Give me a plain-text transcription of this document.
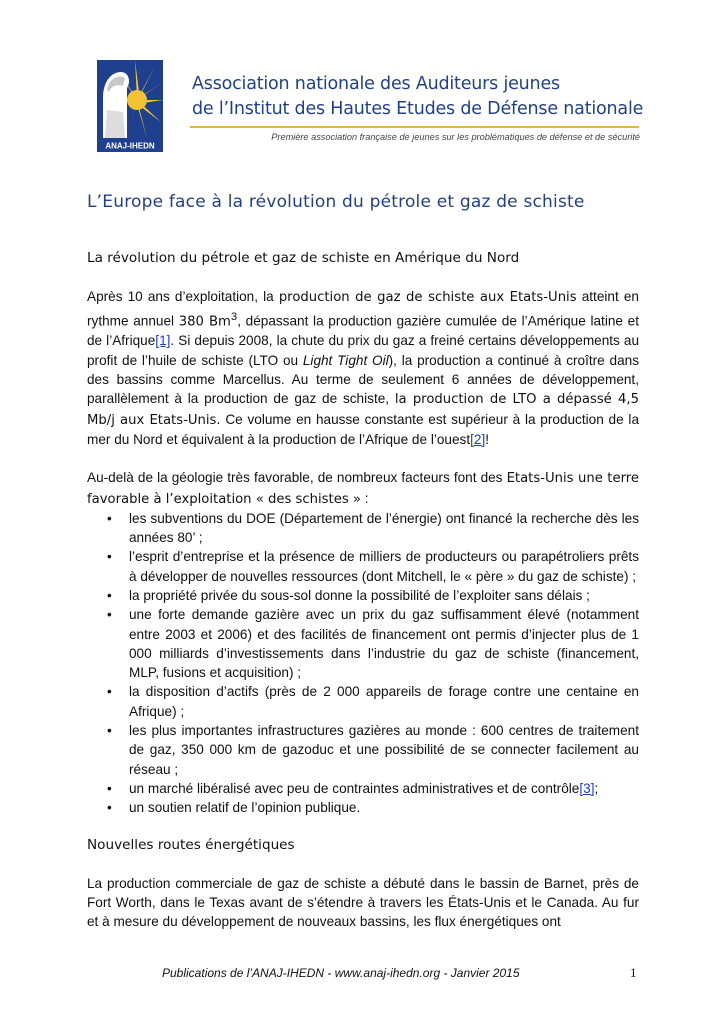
ANAJ-IHEDN
Association nationale des Auditeurs jeunes
de l’Institut des Hautes Etudes de Défense nationale
Première association française de jeunes sur les problématiques de défense et de sécurité
L’Europe face à la révolution du pétrole et gaz de schiste
La révolution du pétrole et gaz de schiste en Amérique du Nord

Après 10 ans d’exploitation, la production de gaz de schiste aux Etats-Unis atteint en rythme annuel 380 Bm$^3$, dépassant la production gazière cumulée de l’Amérique latine et de l’Afrique[1]. Si depuis 2008, la chute du prix du gaz a freiné certains développements au profit de l’huile de schiste (LTO ou Light Tight Oil), la production a continué à croître dans des bassins comme Marcellus. Au terme de seulement 6 années de développement, parallèlement à la production de gaz de schiste, la production de LTO a dépassé 4,5 Mb/j aux Etats-Unis. Ce volume en hausse constante est supérieur à la production de la mer du Nord et équivalent à la production de l’Afrique de l’ouest[2]!

Au-delà de la géologie très favorable, de nombreux facteurs font des Etats-Unis une terre favorable à l’exploitation « des schistes » :

• les subventions du DOE (Département de l’énergie) ont financé la recherche dès les années 80’ ;
• l’esprit d’entreprise et la présence de milliers de producteurs ou parapétroliers prêts à développer de nouvelles ressources (dont Mitchell, le « père » du gaz de schiste) ;
• la propriété privée du sous-sol donne la possibilité de l’exploiter sans délais ;
• une forte demande gazière avec un prix du gaz suffisamment élevé (notamment entre 2003 et 2006) et des facilités de financement ont permis d’injecter plus de 1 000 milliards d’investissements dans l’industrie du gaz de schiste (financement, MLP, fusions et acquisition) ;
• la disposition d’actifs (près de 2 000 appareils de forage contre une centaine en Afrique) ;
• les plus importantes infrastructures gazières au monde : 600 centres de traitement de gaz, 350 000 km de gazoduc et une possibilité de se connecter facilement au réseau ;
• un marché libéralisé avec peu de contraintes administratives et de contrôle[3];
• un soutien relatif de l’opinion publique.
Nouvelles routes énergétiques

La production commerciale de gaz de schiste a débuté dans le bassin de Barnet, près de Fort Worth, dans le Texas avant de s’étendre à travers les États-Unis et le Canada. Au fur et à mesure du développement de nouveaux bassins, les flux énergétiques ont

Publications de l’ANAJ-IHEDN - www.anaj-ihedn.org - Janvier 2015	1
